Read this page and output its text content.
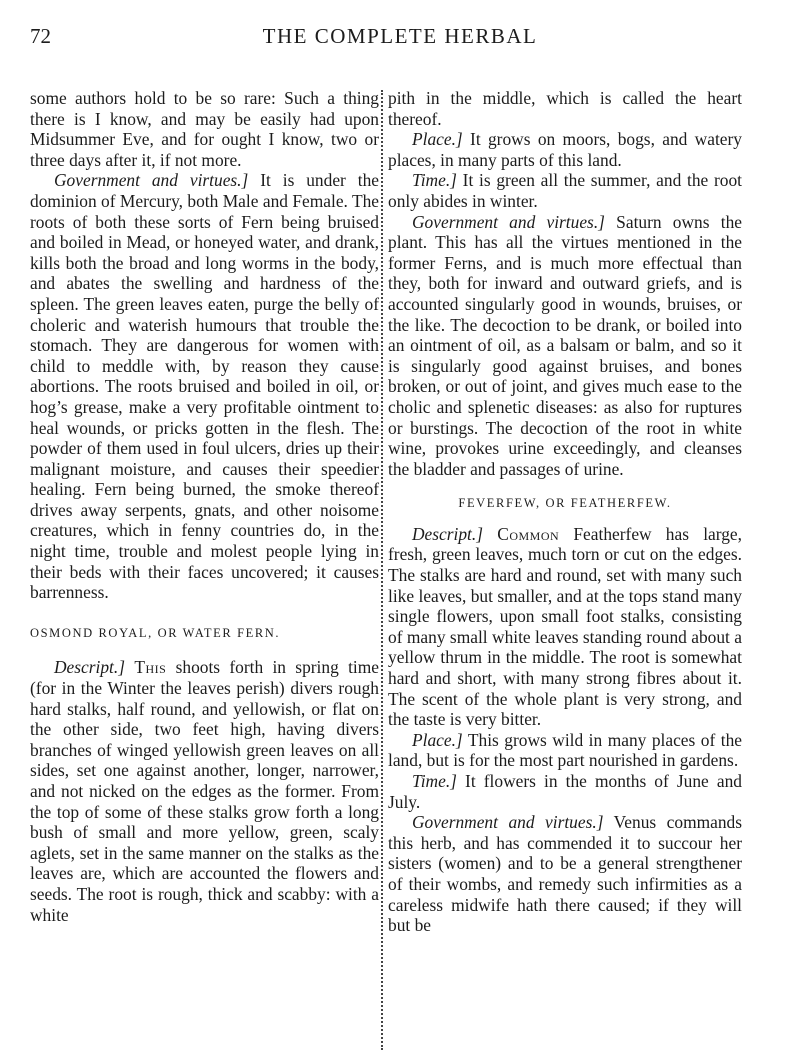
72	THE COMPLETE HERBAL

some authors hold to be so rare: Such a thing there is I know, and may be easily had upon Midsummer Eve, and for ought I know, two or three days after it, if not more.

Government and virtues.] It is under the dominion of Mercury, both Male and Female. The roots of both these sorts of Fern being bruised and boiled in Mead, or honeyed water, and drank, kills both the broad and long worms in the body, and abates the swelling and hardness of the spleen. The green leaves eaten, purge the belly of choleric and waterish humours that trouble the stomach. They are dangerous for women with child to meddle with, by reason they cause abortions. The roots bruised and boiled in oil, or hog’s grease, make a very profitable ointment to heal wounds, or pricks gotten in the flesh. The powder of them used in foul ulcers, dries up their malignant moisture, and causes their speedier healing. Fern being burned, the smoke thereof drives away serpents, gnats, and other noisome creatures, which in fenny countries do, in the night time, trouble and molest people lying in their beds with their faces uncovered; it causes barrenness.

OSMOND ROYAL, OR WATER FERN.

Descript.] This shoots forth in spring time (for in the Winter the leaves perish) divers rough hard stalks, half round, and yellowish, or flat on the other side, two feet high, having divers branches of winged yellowish green leaves on all sides, set one against another, longer, narrower, and not nicked on the edges as the former. From the top of some of these stalks grow forth a long bush of small and more yellow, green, scaly aglets, set in the same manner on the stalks as the leaves are, which are accounted the flowers and seeds. The root is rough, thick and scabby: with a white

pith in the middle, which is called the heart thereof.

Place.] It grows on moors, bogs, and watery places, in many parts of this land.

Time.] It is green all the summer, and the root only abides in winter.

Government and virtues.] Saturn owns the plant. This has all the virtues mentioned in the former Ferns, and is much more effectual than they, both for inward and outward griefs, and is accounted singularly good in wounds, bruises, or the like. The decoction to be drank, or boiled into an ointment of oil, as a balsam or balm, and so it is singularly good against bruises, and bones broken, or out of joint, and gives much ease to the cholic and splenetic diseases: as also for ruptures or burstings. The decoction of the root in white wine, provokes urine exceedingly, and cleanses the bladder and passages of urine.

FEVERFEW, OR FEATHERFEW.

Descript.] Common Featherfew has large, fresh, green leaves, much torn or cut on the edges. The stalks are hard and round, set with many such like leaves, but smaller, and at the tops stand many single flowers, upon small foot stalks, consisting of many small white leaves standing round about a yellow thrum in the middle. The root is somewhat hard and short, with many strong fibres about it. The scent of the whole plant is very strong, and the taste is very bitter.

Place.] This grows wild in many places of the land, but is for the most part nourished in gardens.

Time.] It flowers in the months of June and July.

Government and virtues.] Venus commands this herb, and has commended it to succour her sisters (women) and to be a general strengthener of their wombs, and remedy such infirmities as a careless midwife hath there caused; if they will but be
